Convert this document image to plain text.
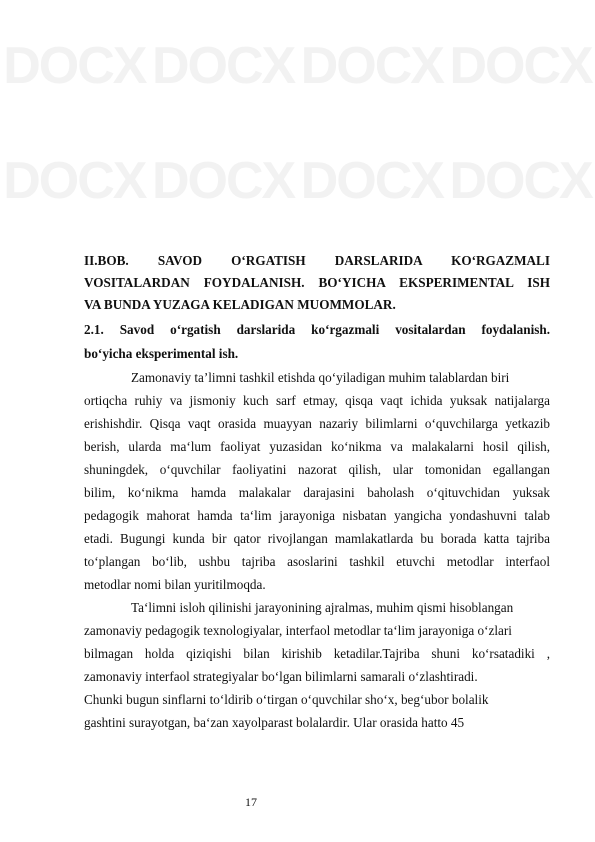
DOCX DOCX DOCX DOCX
DOCX DOCX DOCX DOCX
II.BOB. SAVOD O‘RGATISH DARSLARIDA KO‘RGAZMALI
VOSITALARDAN FOYDALANISH. BO‘YICHA EKSPERIMENTAL ISH
VA BUNDA YUZAGA KELADIGAN MUOMMOLAR.
2.1. Savod o‘rgatish darslarida ko‘rgazmali vositalardan foydalanish.
bo‘yicha eksperimental ish.
Zamonaviy ta’limni tashkil etishda qo‘yiladigan muhim talablardan biri
ortiqcha ruhiy va jismoniy kuch sarf etmay, qisqa vaqt ichida yuksak natijalarga
erishishdir. Qisqa vaqt orasida muayyan nazariy bilimlarni o‘quvchilarga yetkazib
berish, ularda ma‘lum faoliyat yuzasidan ko‘nikma va malakalarni hosil qilish,
shuningdek, o‘quvchilar faoliyatini nazorat qilish, ular tomonidan egallangan
bilim, ko‘nikma hamda malakalar darajasini baholash o‘qituvchidan yuksak
pedagogik mahorat hamda ta‘lim jarayoniga nisbatan yangicha yondashuvni talab
etadi. Bugungi kunda bir qator rivojlangan mamlakatlarda bu borada katta tajriba
to‘plangan bo‘lib, ushbu tajriba asoslarini tashkil etuvchi metodlar interfaol
metodlar nomi bilan yuritilmoqda.
Ta‘limni isloh qilinishi jarayonining ajralmas, muhim qismi hisoblangan
zamonaviy pedagogik texnologiyalar, interfaol metodlar ta‘lim jarayoniga o‘zlari
bilmagan holda qiziqishi bilan kirishib ketadilar.Tajriba shuni ko‘rsatadiki ,
zamonaviy interfaol strategiyalar bo‘lgan bilimlarni samarali o‘zlashtiradi.
Chunki bugun sinflarni to‘ldirib o‘tirgan o‘quvchilar sho‘x, beg‘ubor bolalik
gashtini surayotgan, ba‘zan xayolparast bolalardir. Ular orasida hatto 45
17
